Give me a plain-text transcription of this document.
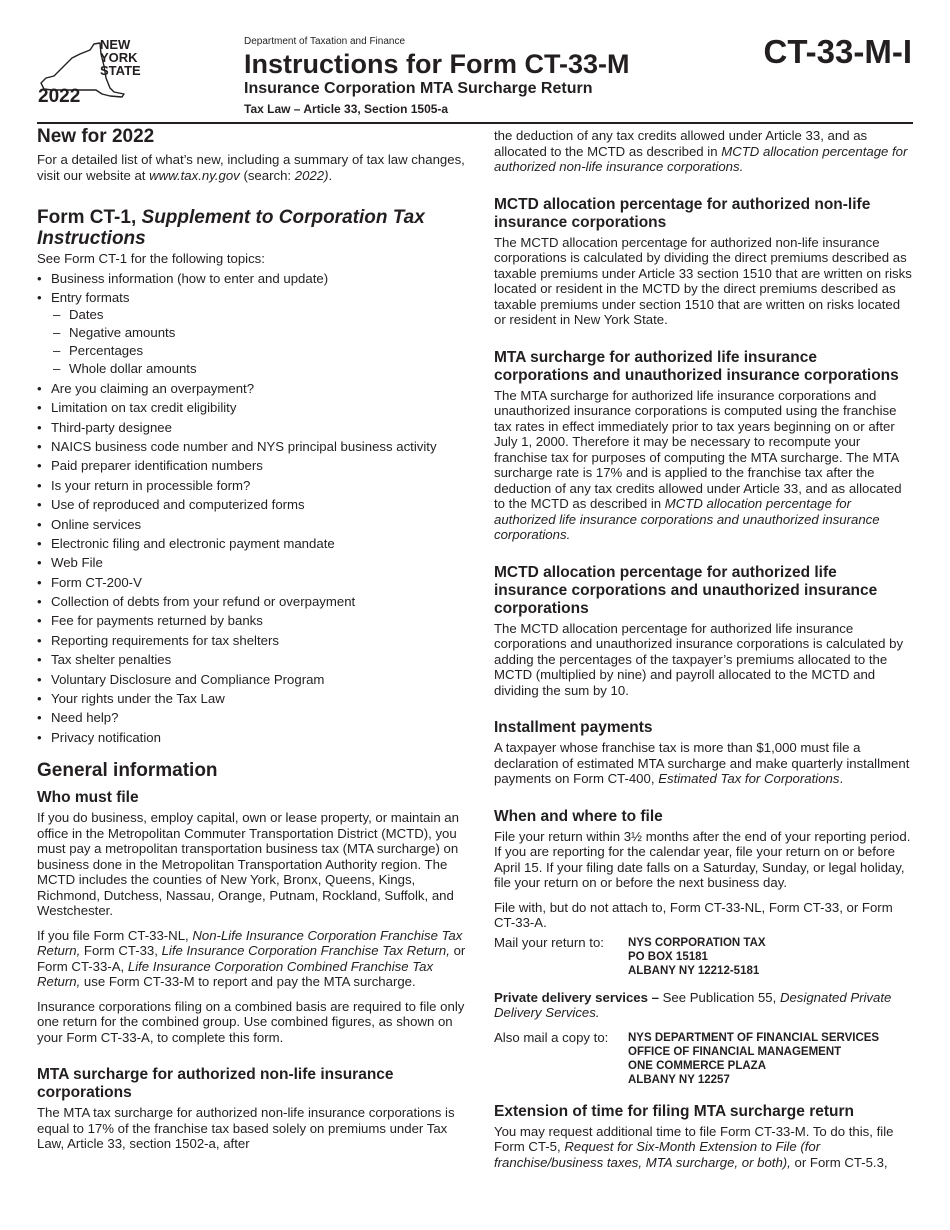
NEW
YORK
STATE
2022
Department of Taxation and Finance
Instructions for Form CT-33-M
Insurance Corporation MTA Surcharge Return
Tax Law – Article 33, Section 1505-a
CT-33-M-I
New for 2022

For a detailed list of what’s new, including a summary of tax law changes, visit our website at www.tax.ny.gov (search: 2022).

Form CT-1, Supplement to Corporation Tax Instructions

See Form CT-1 for the following topics:

• Business information (how to enter and update)
• Entry formats
– Dates
– Negative amounts
– Percentages
– Whole dollar amounts
• Are you claiming an overpayment?
• Limitation on tax credit eligibility
• Third-party designee
• NAICS business code number and NYS principal business activity
• Paid preparer identification numbers
• Is your return in processible form?
• Use of reproduced and computerized forms
• Online services
• Electronic filing and electronic payment mandate
• Web File
• Form CT-200-V
• Collection of debts from your refund or overpayment
• Fee for payments returned by banks
• Reporting requirements for tax shelters
• Tax shelter penalties
• Voluntary Disclosure and Compliance Program
• Your rights under the Tax Law
• Need help?
• Privacy notification
General information
Who must file

If you do business, employ capital, own or lease property, or maintain an office in the Metropolitan Commuter Transportation District (MCTD), you must pay a metropolitan transportation business tax (MTA surcharge) on business done in the Metropolitan Transportation Authority region. The MCTD includes the counties of New York, Bronx, Queens, Kings, Richmond, Dutchess, Nassau, Orange, Putnam, Rockland, Suffolk, and Westchester.

If you file Form CT-33-NL, Non-Life Insurance Corporation Franchise Tax Return, Form CT-33, Life Insurance Corporation Franchise Tax Return, or Form CT-33-A, Life Insurance Corporation Combined Franchise Tax Return, use Form CT-33-M to report and pay the MTA surcharge.

Insurance corporations filing on a combined basis are required to file only one return for the combined group. Use combined figures, as shown on your Form CT-33-A, to complete this form.

MTA surcharge for authorized non-life insurance corporations

The MTA tax surcharge for authorized non-life insurance corporations is equal to 17% of the franchise tax based solely on premiums under Tax Law, Article 33, section 1502-a, after

the deduction of any tax credits allowed under Article 33, and as allocated to the MCTD as described in MCTD allocation percentage for authorized non-life insurance corporations.

MCTD allocation percentage for authorized non-life insurance corporations

The MCTD allocation percentage for authorized non-life insurance corporations is calculated by dividing the direct premiums described as taxable premiums under Article 33 section 1510 that are written on risks located or resident in the MCTD by the direct premiums described as taxable premiums under section 1510 that are written on risks located or resident in New York State.

MTA surcharge for authorized life insurance corporations and unauthorized insurance corporations

The MTA surcharge for authorized life insurance corporations and unauthorized insurance corporations is computed using the franchise tax rates in effect immediately prior to tax years beginning on or after July 1, 2000. Therefore it may be necessary to recompute your franchise tax for purposes of computing the MTA surcharge. The MTA surcharge rate is 17% and is applied to the franchise tax after the deduction of any tax credits allowed under Article 33, and as allocated to the MCTD as described in MCTD allocation percentage for authorized life insurance corporations and unauthorized insurance corporations.

MCTD allocation percentage for authorized life insurance corporations and unauthorized insurance corporations

The MCTD allocation percentage for authorized life insurance corporations and unauthorized insurance corporations is calculated by adding the percentages of the taxpayer’s premiums allocated to the MCTD (multiplied by nine) and payroll allocated to the MCTD and dividing the sum by 10.

Installment payments

A taxpayer whose franchise tax is more than $1,000 must file a declaration of estimated MTA surcharge and make quarterly installment payments on Form CT-400, Estimated Tax for Corporations.

When and where to file

File your return within 3½ months after the end of your reporting period. If you are reporting for the calendar year, file your return on or before April 15. If your filing date falls on a Saturday, Sunday, or legal holiday, file your return on or before the next business day.

File with, but do not attach to, Form CT-33-NL, Form CT-33, or Form CT-33-A.

Mail your return to:	NYS CORPORATION TAX
PO BOX 15181
ALBANY NY 12212-5181

Private delivery services – See Publication 55, Designated Private Delivery Services.

Also mail a copy to:	NYS DEPARTMENT OF FINANCIAL SERVICES
OFFICE OF FINANCIAL MANAGEMENT
ONE COMMERCE PLAZA
ALBANY NY 12257
Extension of time for filing MTA surcharge return

You may request additional time to file Form CT-33-M. To do this, file Form CT-5, Request for Six-Month Extension to File (for franchise/business taxes, MTA surcharge, or both), or Form CT-5.3,
